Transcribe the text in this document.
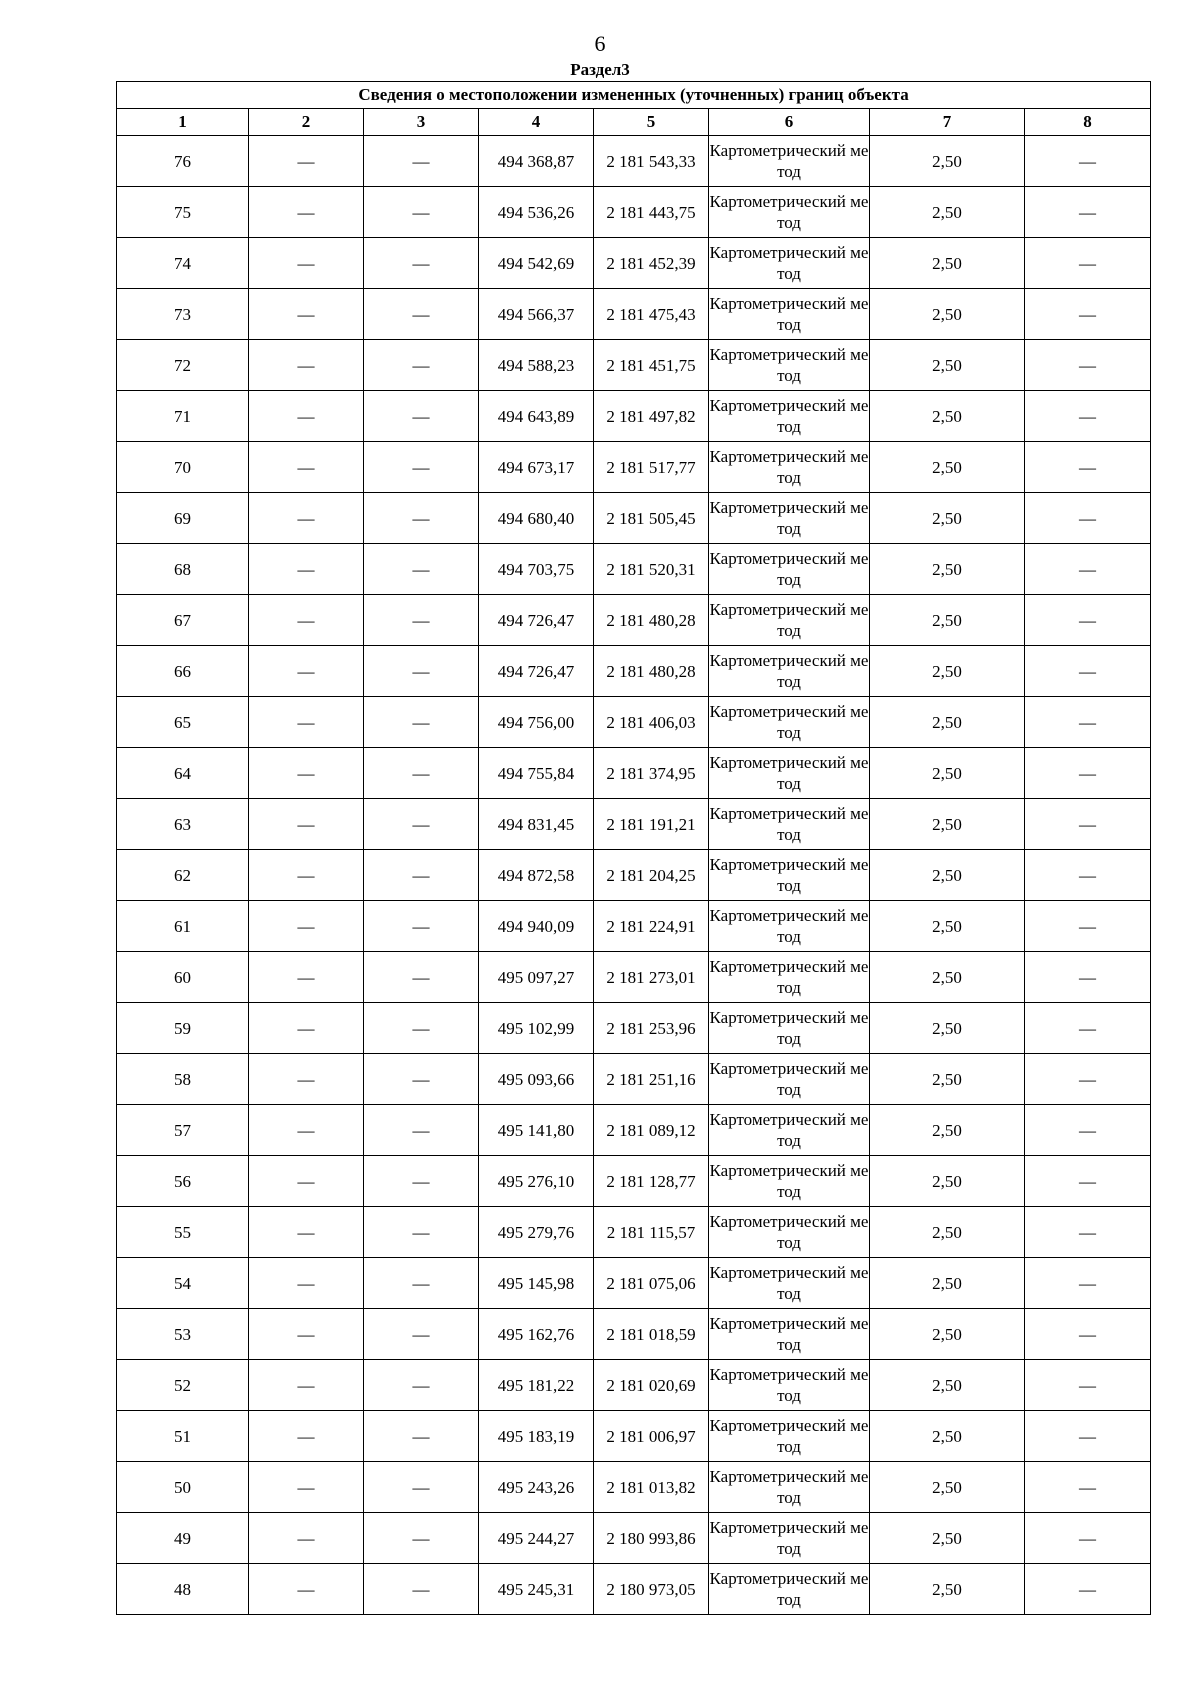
6
Раздел3
Сведения о местоположении измененных (уточненных) границ объекта							
1	2	3	4	5	6	7	8
76	—	—	494 368,87	2 181 543,33	Картометрический метод	2,50	—
75	—	—	494 536,26	2 181 443,75	Картометрический метод	2,50	—
74	—	—	494 542,69	2 181 452,39	Картометрический метод	2,50	—
73	—	—	494 566,37	2 181 475,43	Картометрический метод	2,50	—
72	—	—	494 588,23	2 181 451,75	Картометрический метод	2,50	—
71	—	—	494 643,89	2 181 497,82	Картометрический метод	2,50	—
70	—	—	494 673,17	2 181 517,77	Картометрический метод	2,50	—
69	—	—	494 680,40	2 181 505,45	Картометрический метод	2,50	—
68	—	—	494 703,75	2 181 520,31	Картометрический метод	2,50	—
67	—	—	494 726,47	2 181 480,28	Картометрический метод	2,50	—
66	—	—	494 726,47	2 181 480,28	Картометрический метод	2,50	—
65	—	—	494 756,00	2 181 406,03	Картометрический метод	2,50	—
64	—	—	494 755,84	2 181 374,95	Картометрический метод	2,50	—
63	—	—	494 831,45	2 181 191,21	Картометрический метод	2,50	—
62	—	—	494 872,58	2 181 204,25	Картометрический метод	2,50	—
61	—	—	494 940,09	2 181 224,91	Картометрический метод	2,50	—
60	—	—	495 097,27	2 181 273,01	Картометрический метод	2,50	—
59	—	—	495 102,99	2 181 253,96	Картометрический метод	2,50	—
58	—	—	495 093,66	2 181 251,16	Картометрический метод	2,50	—
57	—	—	495 141,80	2 181 089,12	Картометрический метод	2,50	—
56	—	—	495 276,10	2 181 128,77	Картометрический метод	2,50	—
55	—	—	495 279,76	2 181 115,57	Картометрический метод	2,50	—
54	—	—	495 145,98	2 181 075,06	Картометрический метод	2,50	—
53	—	—	495 162,76	2 181 018,59	Картометрический метод	2,50	—
52	—	—	495 181,22	2 181 020,69	Картометрический метод	2,50	—
51	—	—	495 183,19	2 181 006,97	Картометрический метод	2,50	—
50	—	—	495 243,26	2 181 013,82	Картометрический метод	2,50	—
49	—	—	495 244,27	2 180 993,86	Картометрический метод	2,50	—
48	—	—	495 245,31	2 180 973,05	Картометрический метод	2,50	—
